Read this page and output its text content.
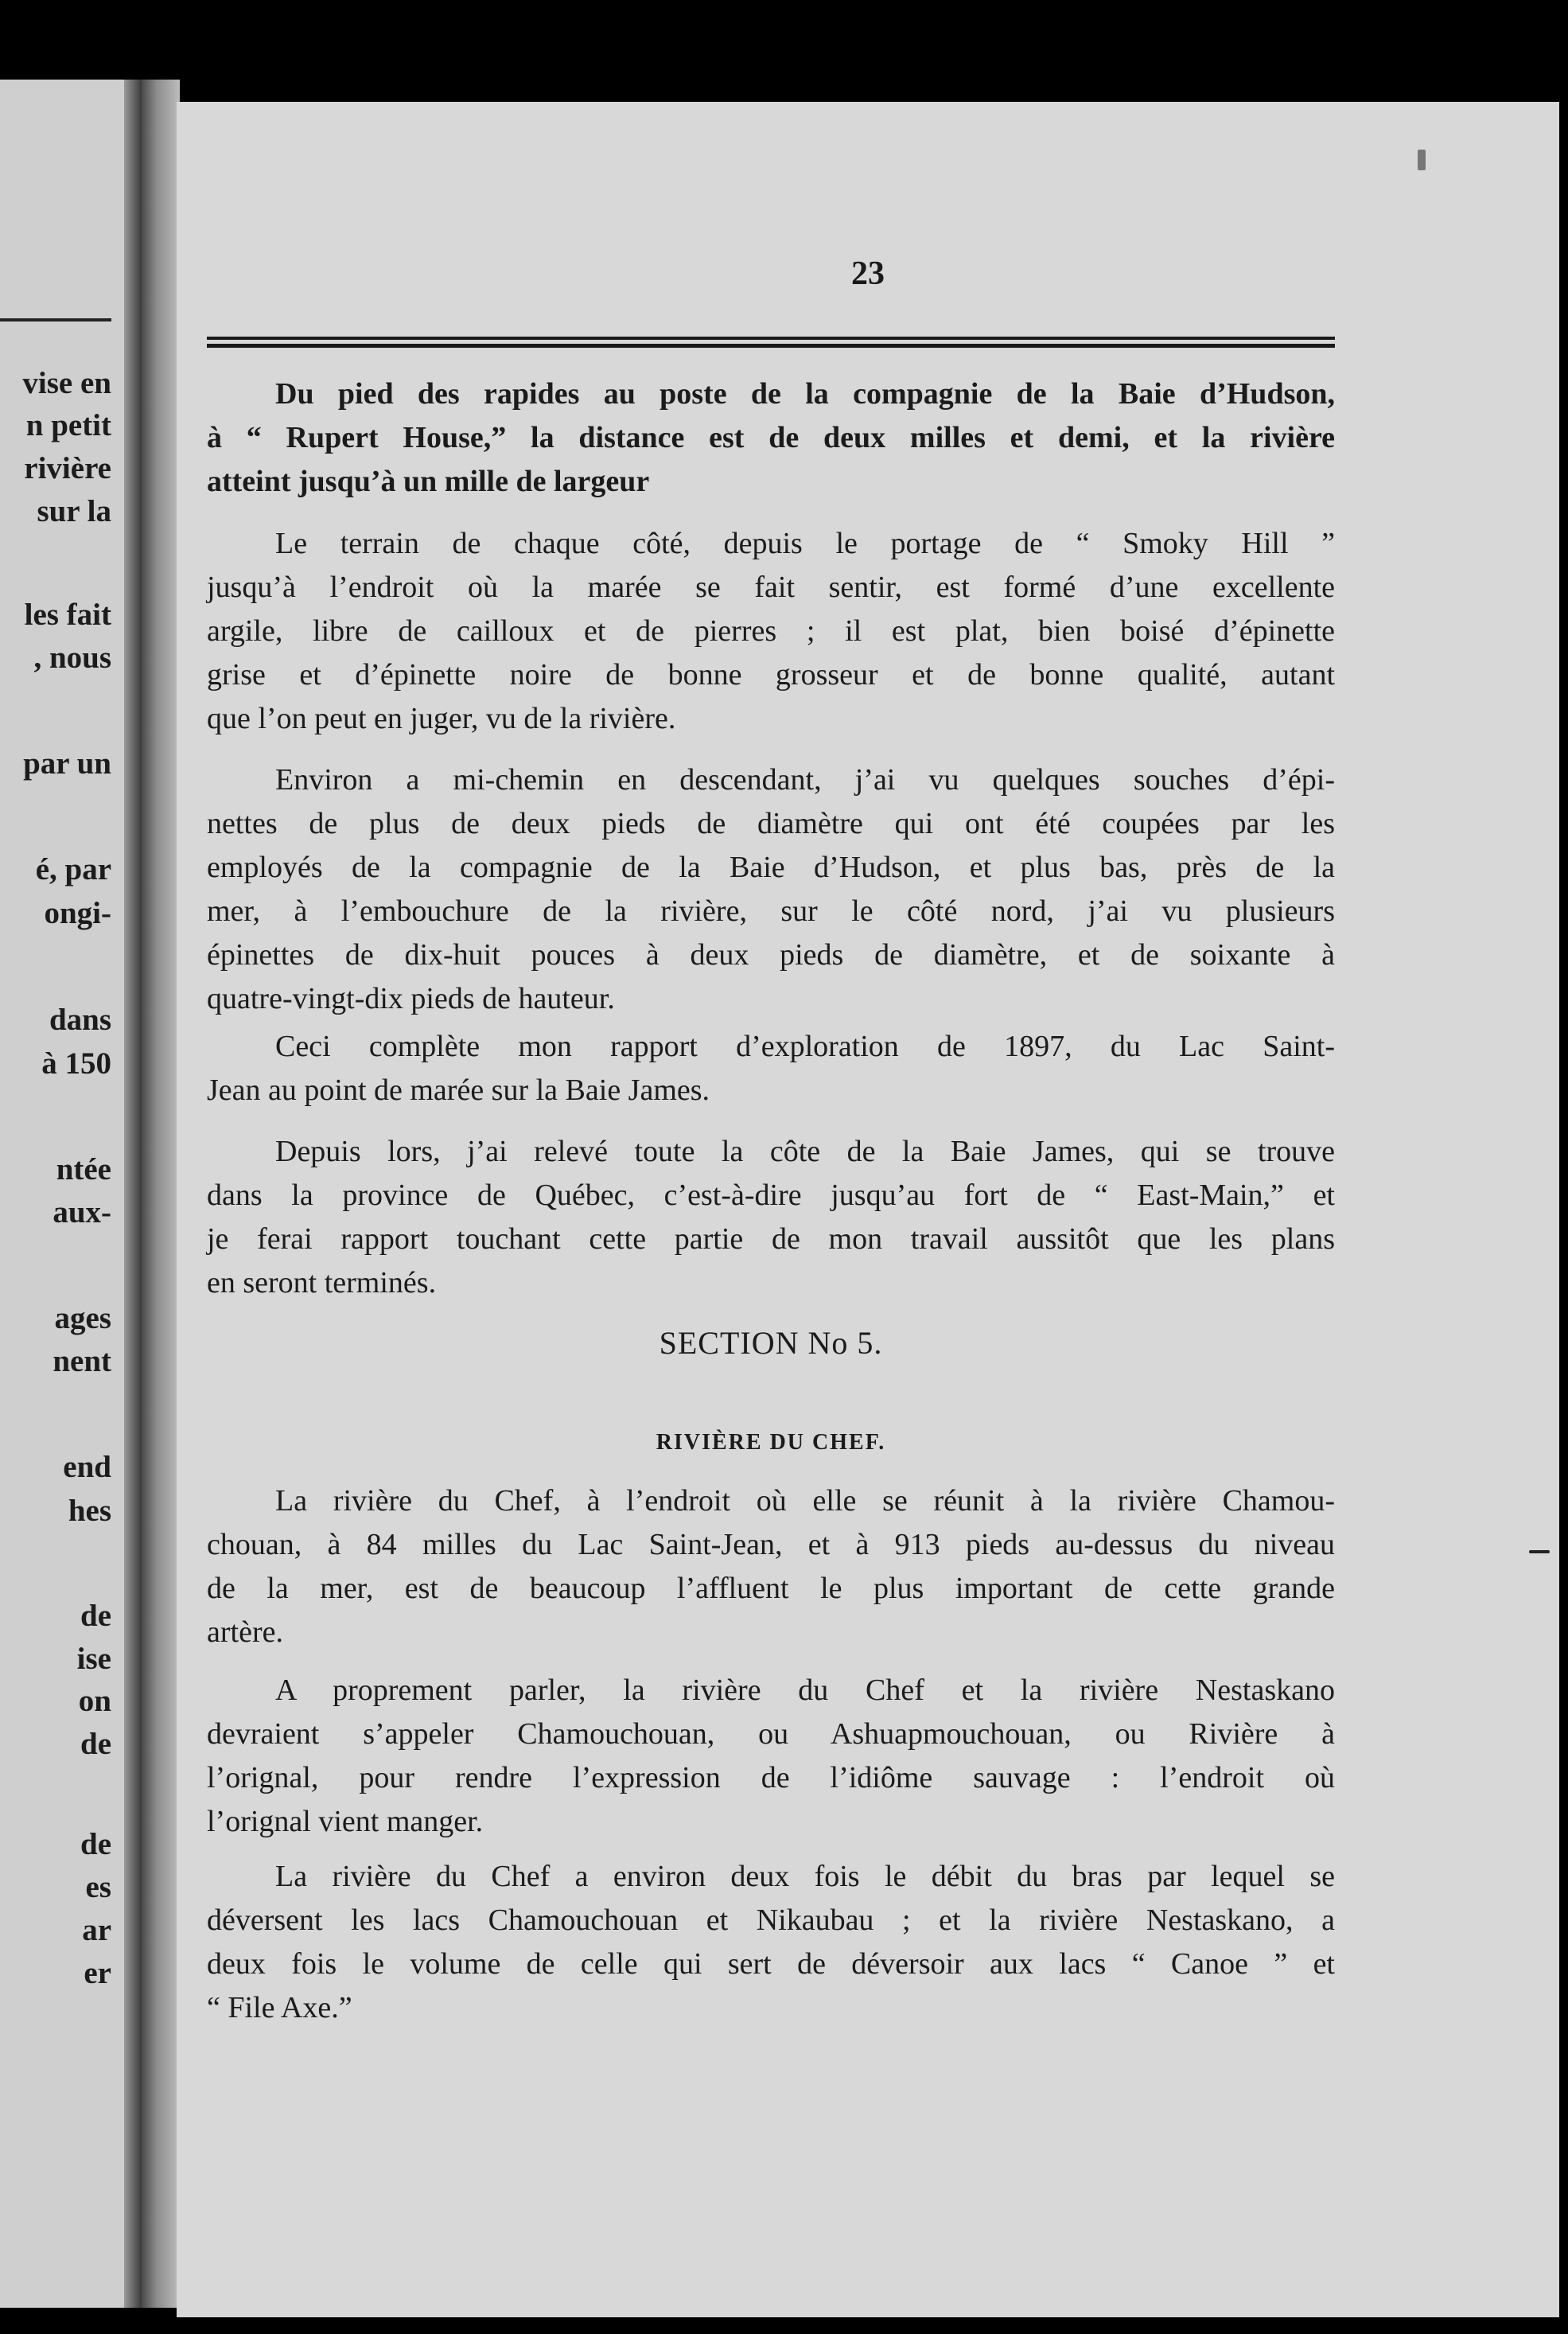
vise en
n petit
rivière
sur la
les fait
, nous
par un
é, par
ongi-
dans
à 150
ntée
aux-
ages
nent
end
hes
de
ise
on
de
de
es
ar
er
23
Du pied des rapides au poste de la compagnie de la Baie d’Hudson,
à “ Rupert House,” la distance est de deux milles et demi, et la rivière
atteint jusqu’à un mille de largeur
Le terrain de chaque côté, depuis le portage de “ Smoky Hill ”
jusqu’à l’endroit où la marée se fait sentir, est formé d’une excellente
argile, libre de cailloux et de pierres ; il est plat, bien boisé d’épinette
grise et d’épinette noire de bonne grosseur et de bonne qualité, autant
que l’on peut en juger, vu de la rivière.
Environ a mi-chemin en descendant, j’ai vu quelques souches d’épi-
nettes de plus de deux pieds de diamètre qui ont été coupées par les
employés de la compagnie de la Baie d’Hudson, et plus bas, près de la
mer, à l’embouchure de la rivière, sur le côté nord, j’ai vu plusieurs
épinettes de dix-huit pouces à deux pieds de diamètre, et de soixante à
quatre-vingt-dix pieds de hauteur.
Ceci complète mon rapport d’exploration de 1897, du Lac Saint-
Jean au point de marée sur la Baie James.
Depuis lors, j’ai relevé toute la côte de la Baie James, qui se trouve
dans la province de Québec, c’est-à-dire jusqu’au fort de “ East-Main,” et
je ferai rapport touchant cette partie de mon travail aussitôt que les plans
en seront terminés.
SECTION No 5.
RIVIÈRE DU CHEF.
La rivière du Chef, à l’endroit où elle se réunit à la rivière Chamou-
chouan, à 84 milles du Lac Saint-Jean, et à 913 pieds au-dessus du niveau
de la mer, est de beaucoup l’affluent le plus important de cette grande
artère.
A proprement parler, la rivière du Chef et la rivière Nestaskano
devraient s’appeler Chamouchouan, ou Ashuapmouchouan, ou Rivière à
l’orignal, pour rendre l’expression de l’idiôme sauvage : l’endroit où
l’orignal vient manger.
La rivière du Chef a environ deux fois le débit du bras par lequel se
déversent les lacs Chamouchouan et Nikaubau ; et la rivière Nestaskano, a
deux fois le volume de celle qui sert de déversoir aux lacs “ Canoe ” et
“ File Axe.”
